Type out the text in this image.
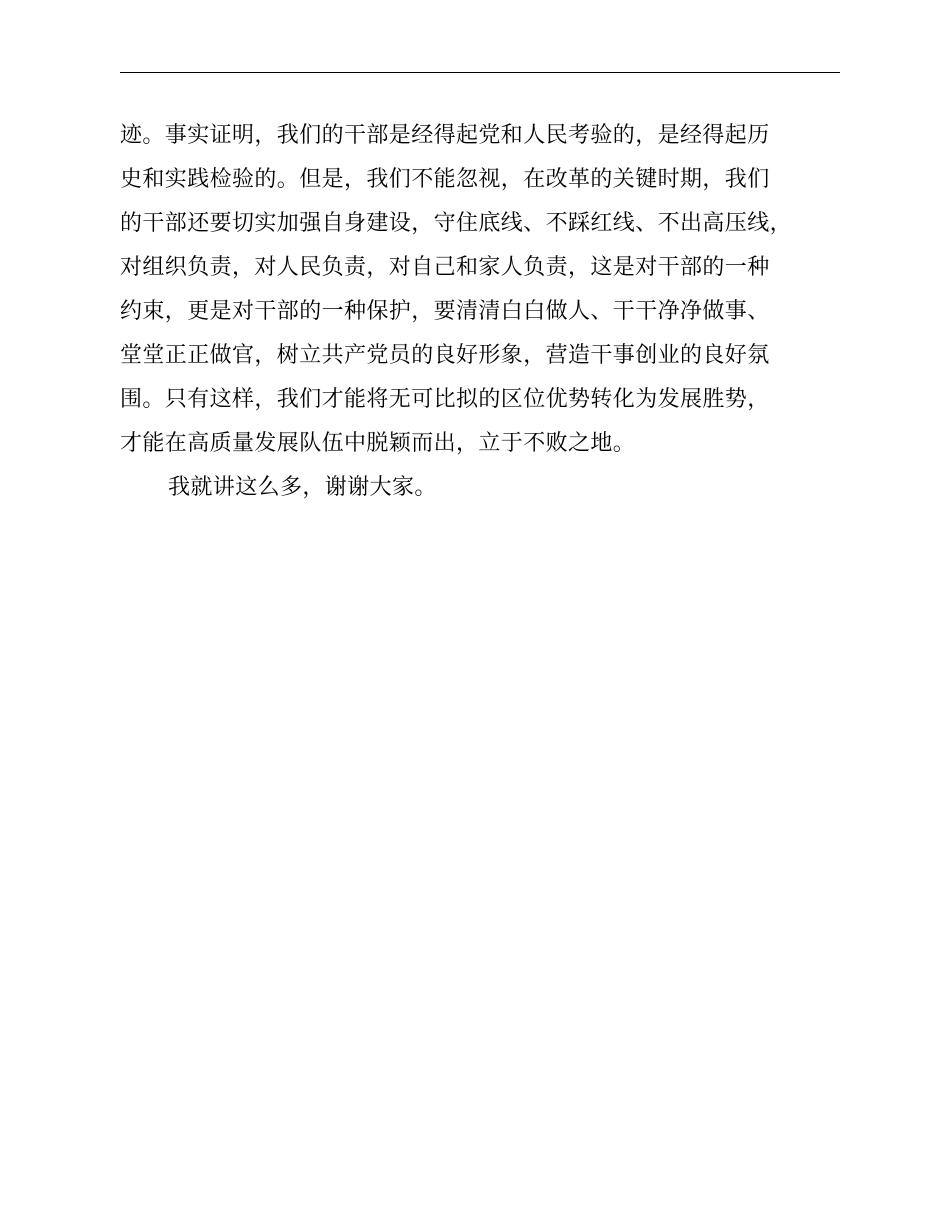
迹。事实证明，我们的干部是经得起党和人民考验的，是经得起历
史和实践检验的。但是，我们不能忽视，在改革的关键时期，我们
的干部还要切实加强自身建设，守住底线、不踩红线、不出高压线，
对组织负责，对人民负责，对自己和家人负责，这是对干部的一种
约束，更是对干部的一种保护，要清清白白做人、干干净净做事、
堂堂正正做官，树立共产党员的良好形象，营造干事创业的良好氛
围。只有这样，我们才能将无可比拟的区位优势转化为发展胜势，
才能在高质量发展队伍中脱颖而出，立于不败之地。
我就讲这么多，谢谢大家。
